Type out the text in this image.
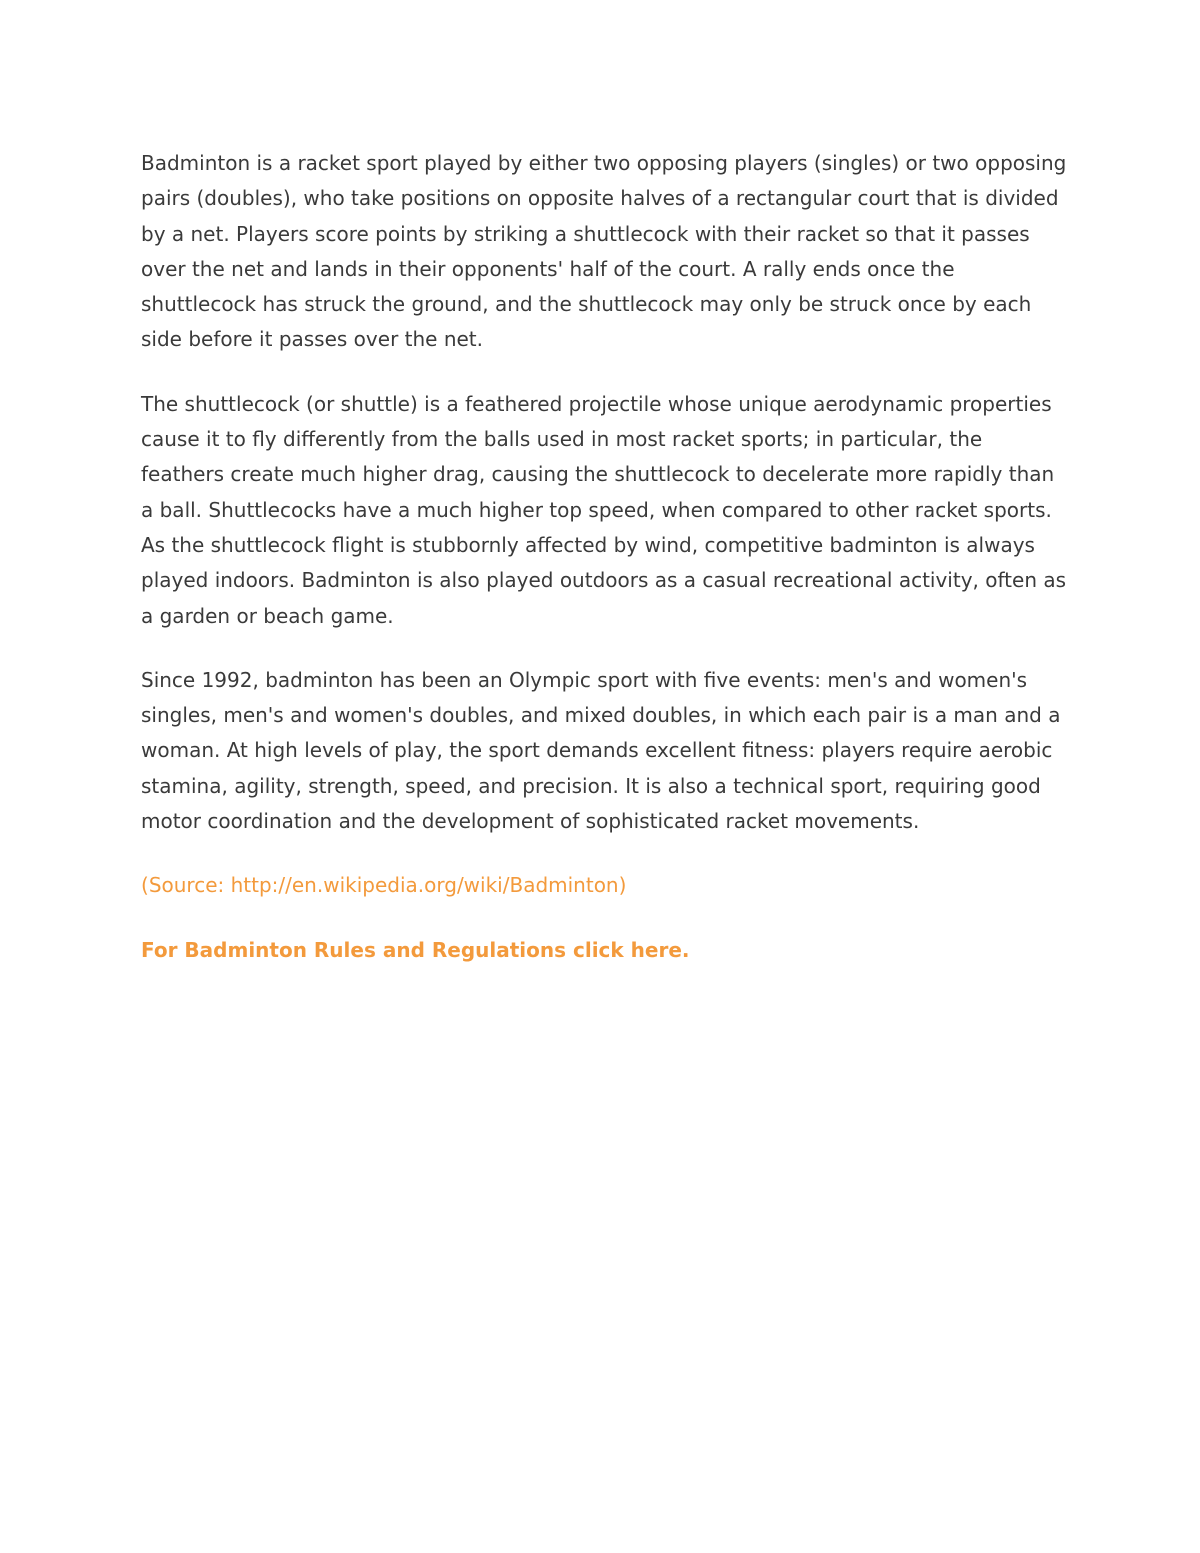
Badminton is a racket sport played by either two opposing players (singles) or two opposing pairs (doubles), who take positions on opposite halves of a rectangular court that is divided by a net. Players score points by striking a shuttlecock with their racket so that it passes over the net and lands in their opponents' half of the court. A rally ends once the shuttlecock has struck the ground, and the shuttlecock may only be struck once by each side before it passes over the net.

The shuttlecock (or shuttle) is a feathered projectile whose unique aerodynamic properties cause it to fly differently from the balls used in most racket sports; in particular, the feathers create much higher drag, causing the shuttlecock to decelerate more rapidly than a ball. Shuttlecocks have a much higher top speed, when compared to other racket sports. As the shuttlecock flight is stubbornly affected by wind, competitive badminton is always played indoors. Badminton is also played outdoors as a casual recreational activity, often as a garden or beach game.

Since 1992, badminton has been an Olympic sport with five events: men's and women's singles, men's and women's doubles, and mixed doubles, in which each pair is a man and a woman. At high levels of play, the sport demands excellent fitness: players require aerobic stamina, agility, strength, speed, and precision. It is also a technical sport, requiring good motor coordination and the development of sophisticated racket movements.

(Source: http://en.wikipedia.org/wiki/Badminton)

For Badminton Rules and Regulations click here.
